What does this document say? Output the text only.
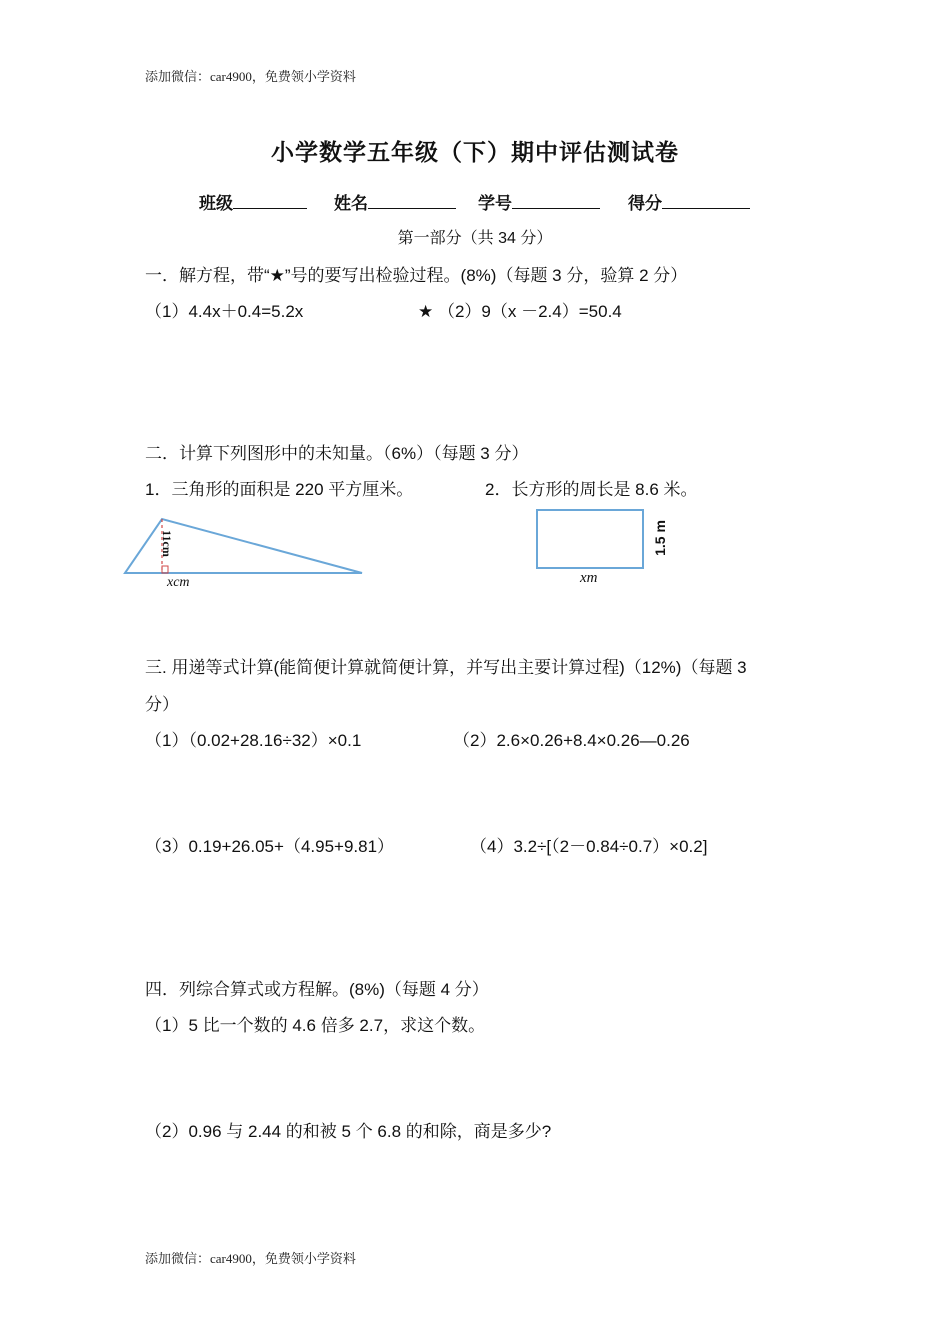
添加微信：car4900，免费领小学资料
小学数学五年级（下）期中评估测试卷
班级	姓名	学号	得分
第一部分（共 34 分）
一．解方程，带“★”号的要写出检验过程。(8%)（每题 3 分，验算 2 分）
（1）4.4x＋0.4=5.2x	★ （2）9（x －2.4）=50.4
二．计算下列图形中的未知量。（6%）（每题 3 分）
1．三角形的面积是 220 平方厘米。	2．长方形的周长是 8.6 米。
11cm
xcm
1.5 m
xm
三. 用递等式计算(能简便计算就简便计算，并写出主要计算过程)（12%)（每题 3
分）
（1）（0.02+28.16÷32）×0.1	（2）2.6×0.26+8.4×0.26—0.26
（3）0.19+26.05+（4.95+9.81）	（4）3.2÷[（2－0.84÷0.7）×0.2]
四．列综合算式或方程解。(8%)（每题 4 分）
（1）5 比一个数的 4.6 倍多 2.7，求这个数。
（2）0.96 与 2.44 的和被 5 个 6.8 的和除，商是多少?
添加微信：car4900，免费领小学资料
